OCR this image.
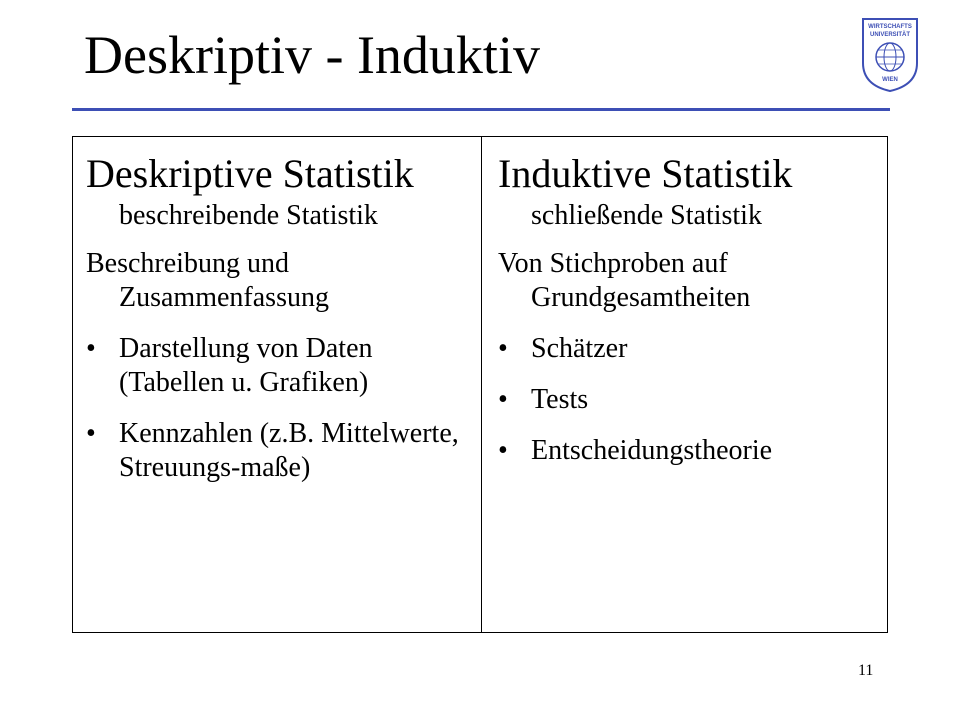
Deskriptiv - Induktiv	WIRTSCHAFTS
UNIVERSITÄT
WIEN
Deskriptive Statistik
beschreibende Statistik
Beschreibung und Zusammenfassung
• Darstellung von Daten (Tabellen u. Grafiken)
• Kennzahlen (z.B. Mittelwerte, Streuungs-maße)
Induktive Statistik
schließende Statistik
Von Stichproben auf Grundgesamtheiten
• Schätzer
• Tests
• Entscheidungstheorie
11
